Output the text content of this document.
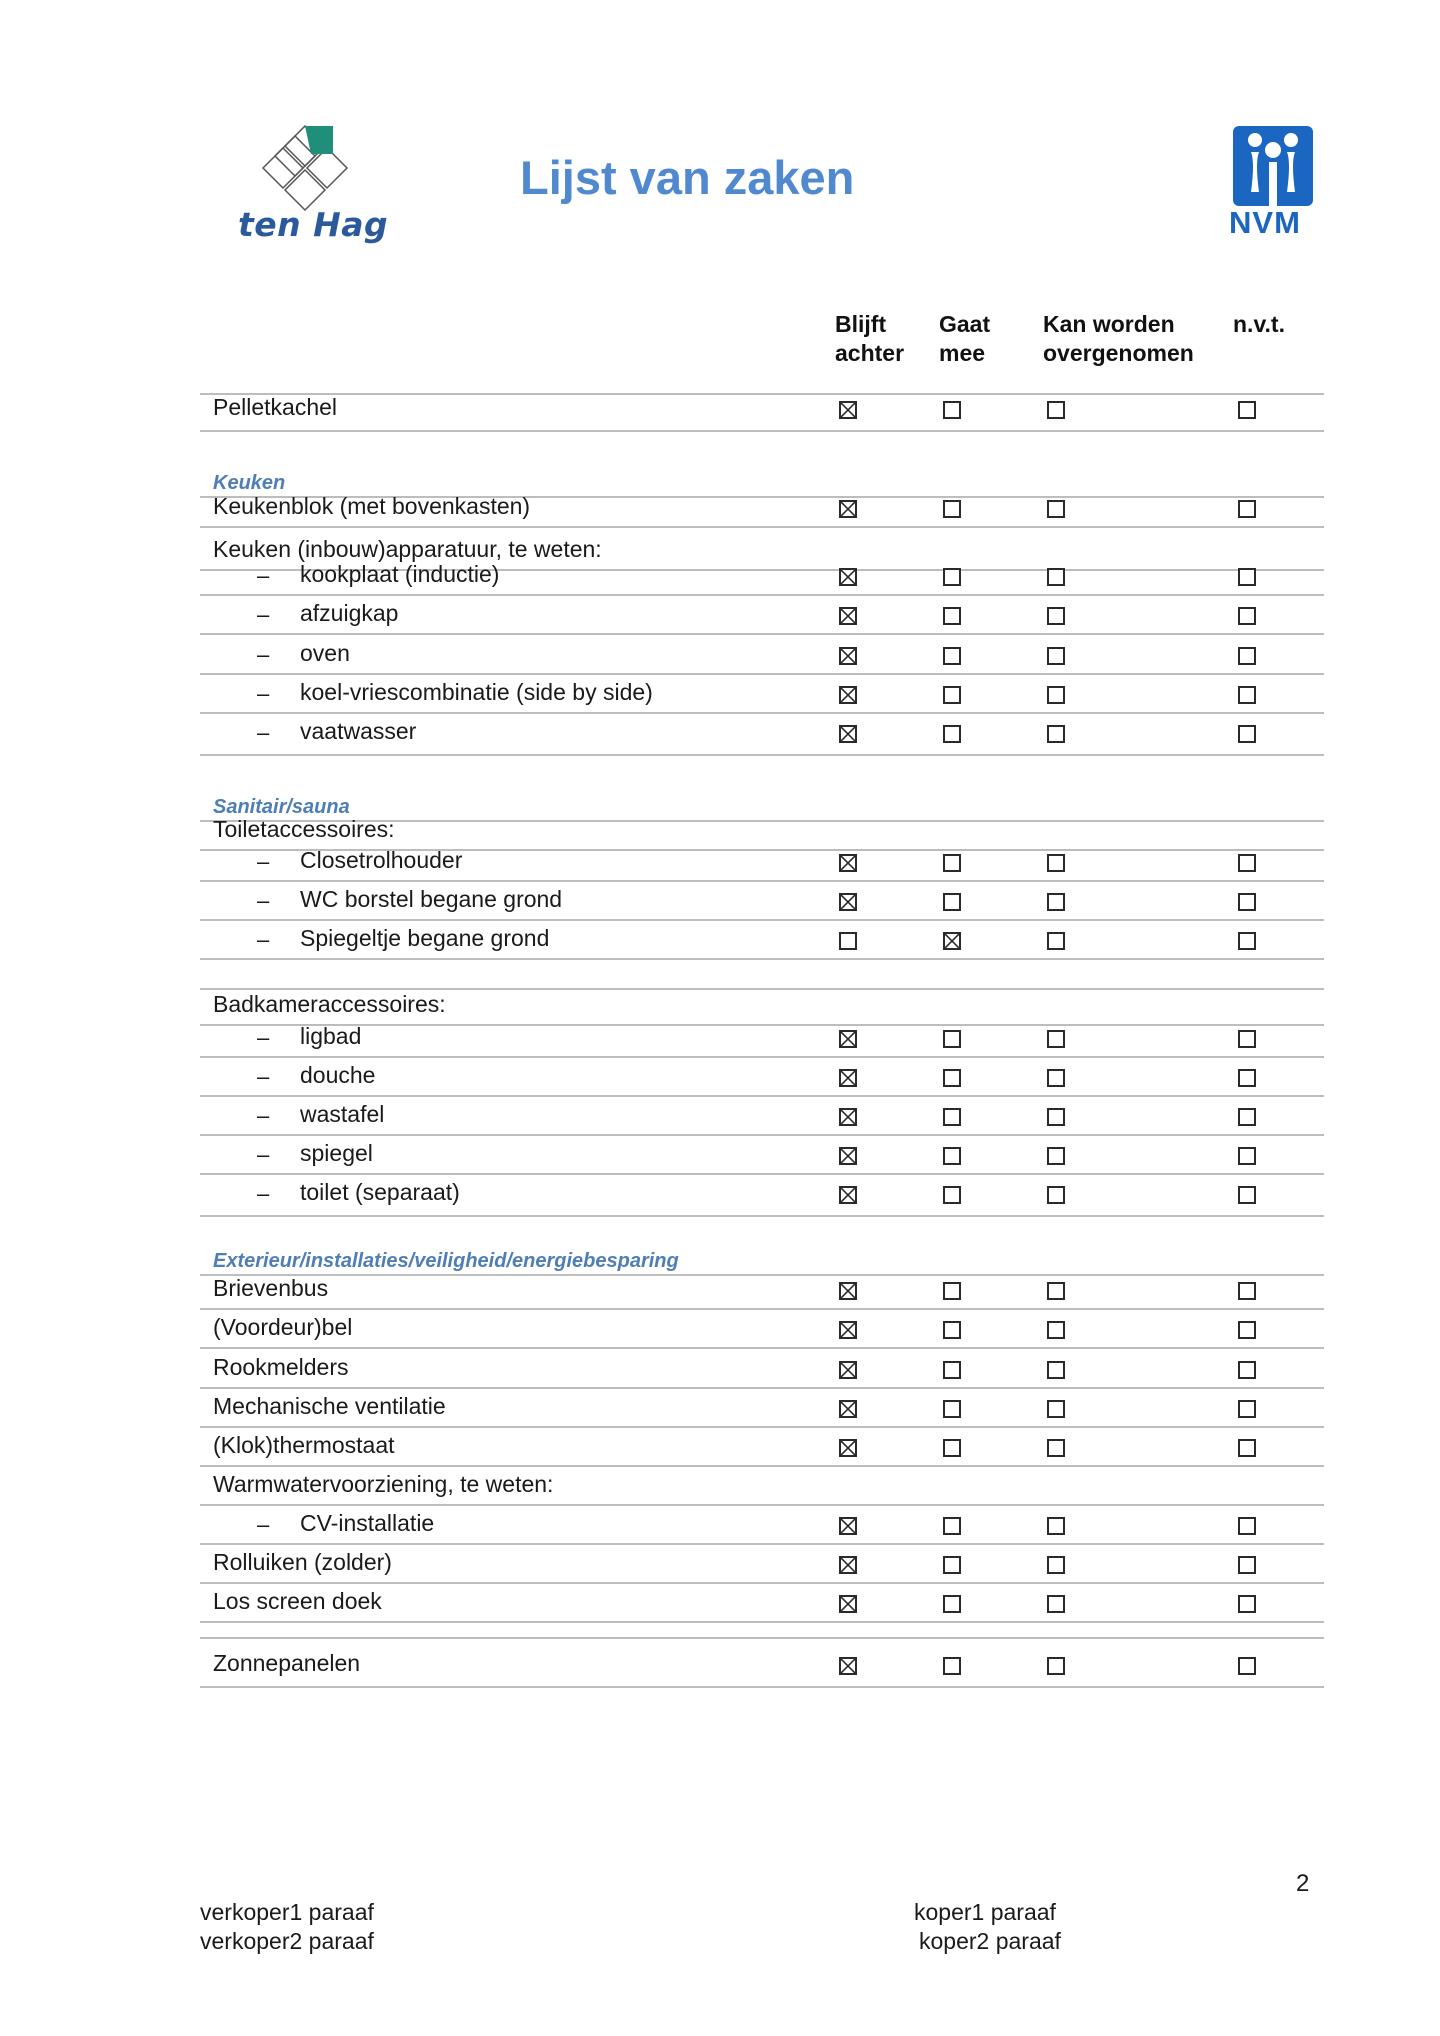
ten Hag
Lijst van zaken
NVM
Blijft
achter
Gaat
mee
Kan worden
overgenomen
n.v.t.
Pelletkachel
Keuken
Keukenblok (met bovenkasten)
Keuken (inbouw)apparatuur, te weten:
– kookplaat (inductie)
– afzuigkap
– oven
– koel-vriescombinatie (side by side)
– vaatwasser
Sanitair/sauna
Toiletaccessoires:
– Closetrolhouder
– WC borstel begane grond
– Spiegeltje begane grond
Badkameraccessoires:
– ligbad
– douche
– wastafel
– spiegel
– toilet (separaat)
Exterieur/installaties/veiligheid/energiebesparing
Brievenbus
(Voordeur)bel
Rookmelders
Mechanische ventilatie
(Klok)thermostaat
Warmwatervoorziening, te weten:
– CV-installatie
Rolluiken (zolder)
Los screen doek
Zonnepanelen
2
verkoper1 paraaf
verkoper2 paraaf
koper1 paraaf
koper2 paraaf
